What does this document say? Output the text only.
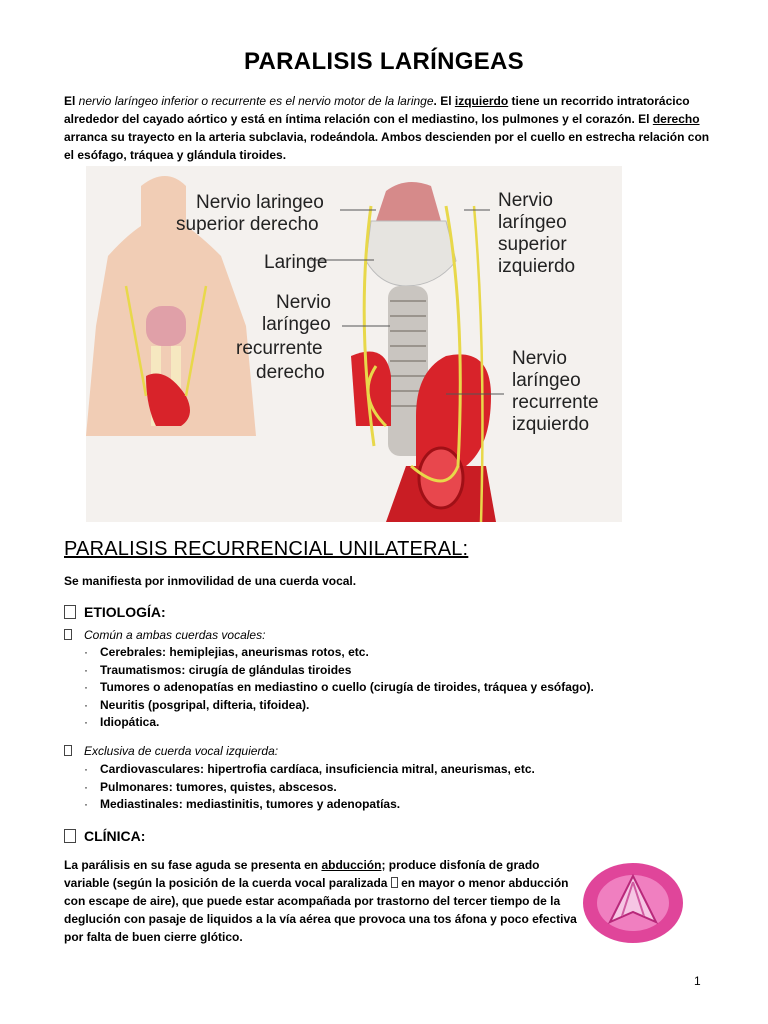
PARALISIS LARÍNGEAS
El nervio laríngeo inferior o recurrente es el nervio motor de la laringe. El izquierdo tiene un recorrido intratorácico alrededor del cayado aórtico y está en íntima relación con el mediastino, los pulmones y el corazón. El derecho arranca su trayecto en la arteria subclavia, rodeándola. Ambos descienden por el cuello en estrecha relación con el esófago, tráquea y glándula tiroides.
Nervio laringeo
superior derecho
Laringe
Nervio
laríngeo
recurrente
derecho
Nervio
laríngeo
superior
izquierdo
Nervio
laríngeo
recurrente
izquierdo
PARALISIS RECURRENCIAL UNILATERAL:
Se manifiesta por inmovilidad de una cuerda vocal.
ETIOLOGÍA:
Común a ambas cuerdas vocales:
· Cerebrales: hemiplejias, aneurismas rotos, etc.
· Traumatismos: cirugía de glándulas tiroides
· Tumores o adenopatías en mediastino o cuello (cirugía de tiroides, tráquea y esófago).
· Neuritis (posgripal, difteria, tifoidea).
· Idiopática.
Exclusiva de cuerda vocal izquierda:
· Cardiovasculares: hipertrofia cardíaca, insuficiencia mitral, aneurismas, etc.
· Pulmonares: tumores, quistes, abscesos.
· Mediastinales: mediastinitis, tumores y adenopatías.
CLÍNICA:
La parálisis en su fase aguda se presenta en abducción; produce disfonía de grado variable (según la posición de la cuerda vocal paralizada  en mayor o menor abducción con escape de aire), que puede estar acompañada por trastorno del tercer tiempo de la deglución con pasaje de liquidos a la vía aérea que provoca una tos áfona y poco efectiva por falta de buen cierre glótico.
1
